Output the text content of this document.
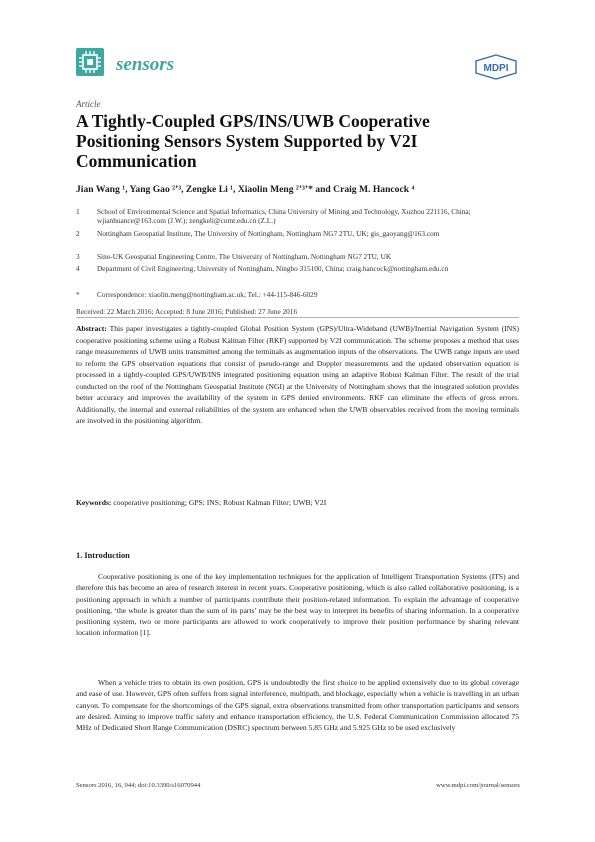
sensors	MDPI
Article
A Tightly-Coupled GPS/INS/UWB Cooperative Positioning Sensors System Supported by V2I Communication
Jian Wang ¹, Yang Gao ²ʼ³, Zengke Li ¹, Xiaolin Meng ²ʼ³ʼ* and Craig M. Hancock ⁴
1	School of Environmental Science and Spatial Informatics, China University of Mining and Technology, Xuzhou 221116, China; wjianhuance@163.com (J.W.); zengkeli@cumt.edu.cn (Z.L.)
2	Nottingham Geospatial Institute, The University of Nottingham, Nottingham NG7 2TU, UK; gis_gaoyang@163.com
3	Sino-UK Geospatial Engineering Centre, The University of Nottingham, Nottingham NG7 2TU, UK
4	Department of Civil Engineering, University of Nottingham, Ningbo 315100, China; craig.hancock@nottingham.edu.cn
*	Correspondence: xiaolin.meng@nottingham.ac.uk; Tel.: +44-115-846-6029
Received: 22 March 2016; Accepted: 8 June 2016; Published: 27 June 2016
Abstract: This paper investigates a tightly-coupled Global Position System (GPS)/Ultra-Wideband (UWB)/Inertial Navigation System (INS) cooperative positioning scheme using a Robust Kalman Filter (RKF) supported by V2I communication. The scheme proposes a method that uses range measurements of UWB units transmitted among the terminals as augmentation inputs of the observations. The UWB range inputs are used to reform the GPS observation equations that consist of pseudo-range and Doppler measurements and the updated observation equation is processed in a tightly-coupled GPS/UWB/INS integrated positioning equation using an adaptive Robust Kalman Filter. The result of the trial conducted on the roof of the Nottingham Geospatial Institute (NGI) at the University of Nottingham shows that the integrated solution provides better accuracy and improves the availability of the system in GPS denied environments. RKF can eliminate the effects of gross errors. Additionally, the internal and external reliabilities of the system are enhanced when the UWB observables received from the moving terminals are involved in the positioning algorithm.
Keywords: cooperative positioning; GPS; INS; Robust Kalman Filter; UWB; V2I
1. Introduction
Cooperative positioning is one of the key implementation techniques for the application of Intelligent Transportation Systems (ITS) and therefore this has become an area of research interest in recent years. Cooperative positioning, which is also called collaborative positioning, is a positioning approach in which a number of participants contribute their position-related information. To explain the advantage of cooperative positioning, ‘the whole is greater than the sum of its parts’ may be the best way to interpret its benefits of sharing information. In a cooperative positioning system, two or more participants are allowed to work cooperatively to improve their position performance by sharing relevant location information [1].
When a vehicle tries to obtain its own position, GPS is undoubtedly the first choice to be applied extensively due to its global coverage and ease of use. However, GPS often suffers from signal interference, multipath, and blockage, especially when a vehicle is travelling in an urban canyon. To compensate for the shortcomings of the GPS signal, extra observations transmitted from other transportation participants and sensors are desired. Aiming to improve traffic safety and enhance transportation efficiency, the U.S. Federal Communication Commission allocated 75 MHz of Dedicated Short Range Communication (DSRC) spectrum between 5.85 GHz and 5.925 GHz to be used exclusively
Sensors 2016, 16, 944; doi:10.3390/s16070944	www.mdpi.com/journal/sensors
